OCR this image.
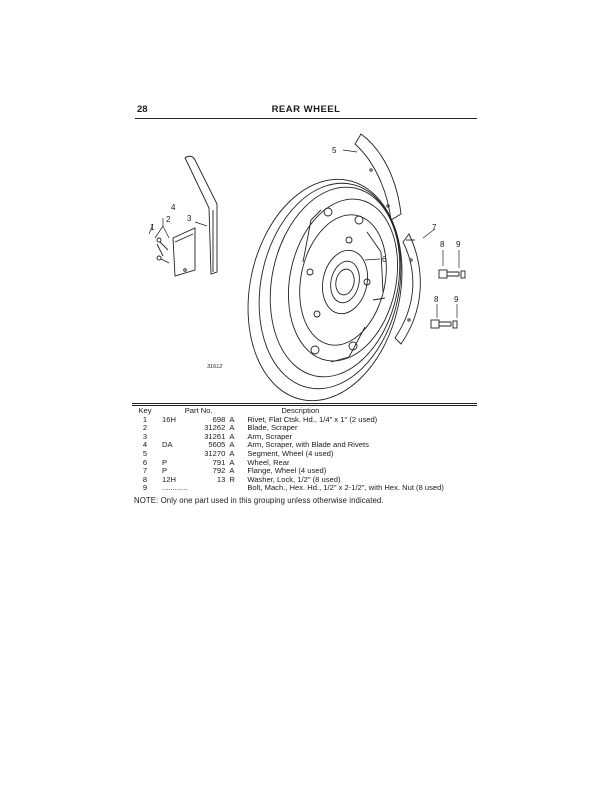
28	REAR WHEEL
4
1
2 3
5
6
7
8 9
8 9
31612
Key	Part No.			Description
1	16H	698	A	Rivet, Flat Ctsk. Hd., 1/4" x 1" (2 used)
2		31262	A	Blade, Scraper
3		31261	A	Arm, Scraper
4	DA	5605	A	Arm, Scraper, with Blade and Rivets
5		31270	A	Segment, Wheel (4 used)
6	P	791	A	Wheel, Rear
7	P	792	A	Flange, Wheel (4 used)
8	12H	13	R	Washer, Lock, 1/2" (8 used)
9	............			Bolt, Mach., Hex. Hd., 1/2" x 2-1/2", with Hex. Nut (8 used)
NOTE: Only one part used in this grouping unless otherwise indicated.
